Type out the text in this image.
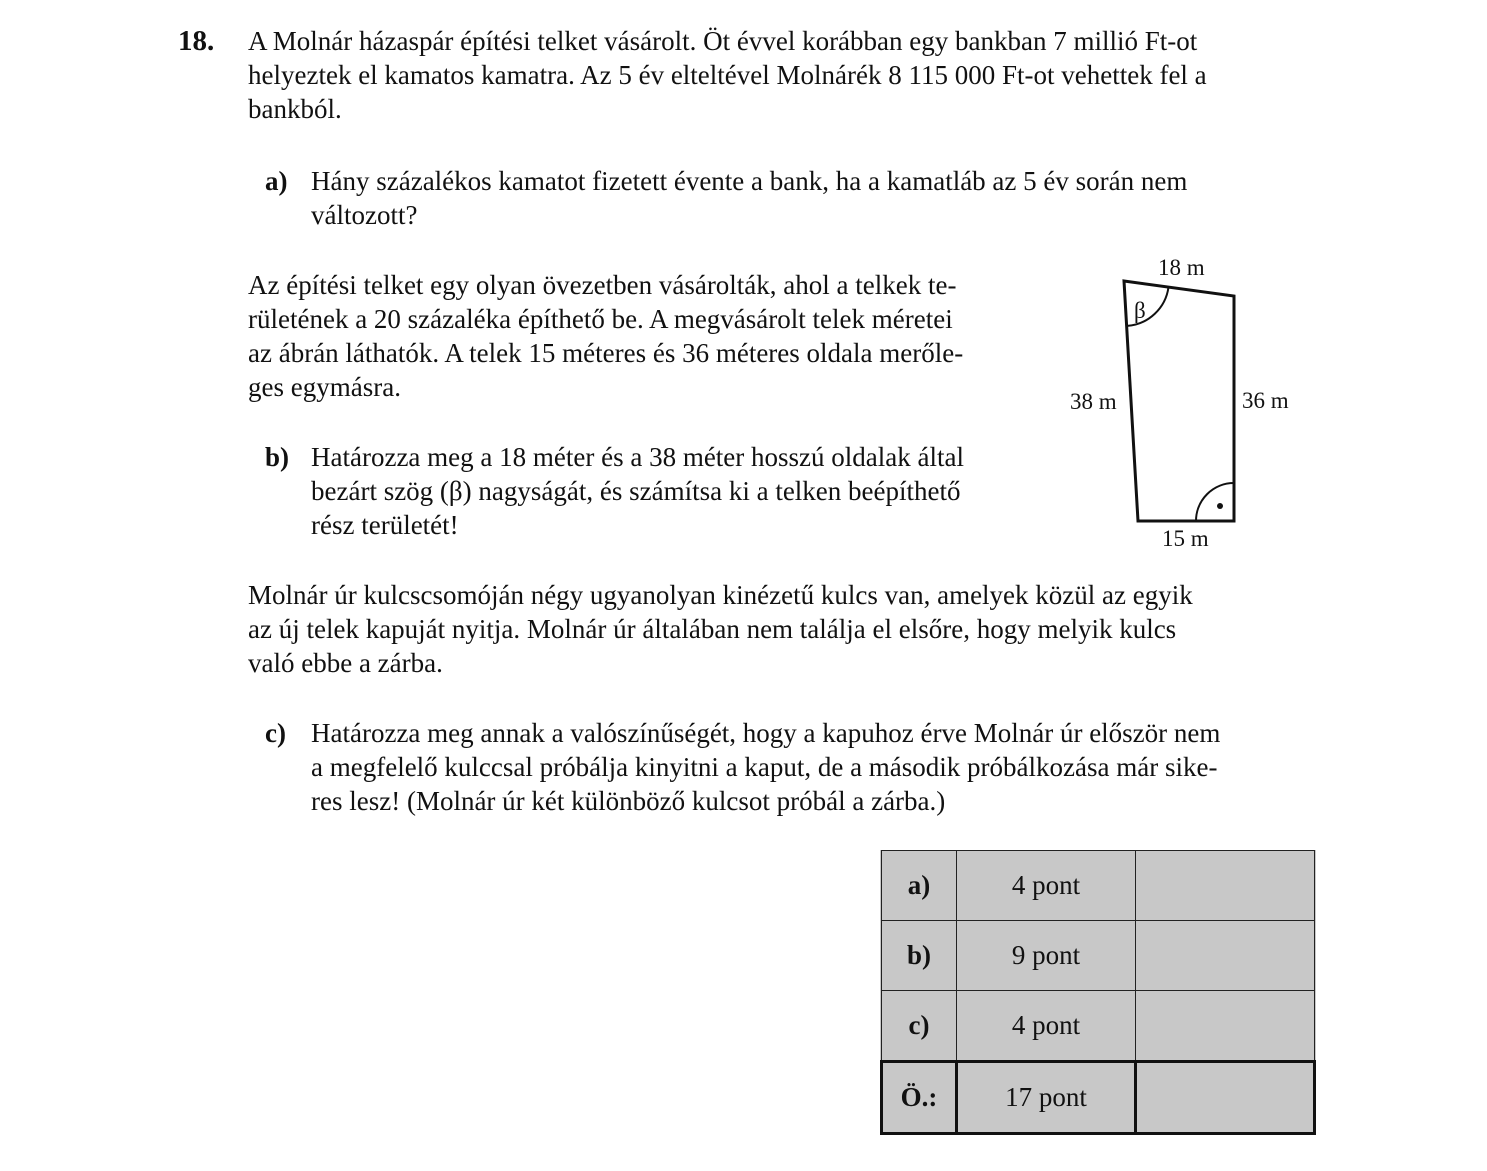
18. A Molnár házaspár építési telket vásárolt. Öt évvel korábban egy bankban 7 millió Ft-ot

helyeztek el kamatos kamatra. Az 5 év elteltével Molnárék 8 115 000 Ft-ot vehettek fel a

bankból.

a) Hány százalékos kamatot fizetett évente a bank, ha a kamatláb az 5 év során nem

változott?

Az építési telket egy olyan övezetben vásárolták, ahol a telkek te-

rületének a 20 százaléka építhető be. A megvásárolt telek méretei

az ábrán láthatók. A telek 15 méteres és 36 méteres oldala merőle-

ges egymásra.

b) Határozza meg a 18 méter és a 38 méter hosszú oldalak által

bezárt szög (β) nagyságát, és számítsa ki a telken beépíthető

rész területét!

β
18 m
38 m	36 m
15 m

Molnár úr kulcscsomóján négy ugyanolyan kinézetű kulcs van, amelyek közül az egyik

az új telek kapuját nyitja. Molnár úr általában nem találja el elsőre, hogy melyik kulcs

való ebbe a zárba.

c) Határozza meg annak a valószínűségét, hogy a kapuhoz érve Molnár úr először nem

a megfelelő kulccsal próbálja kinyitni a kaput, de a második próbálkozása már sike-

res lesz! (Molnár úr két különböző kulcsot próbál a zárba.)

a)	4 pont	
b)	9 pont	
c)	4 pont	
Ö.:	17 pont	
